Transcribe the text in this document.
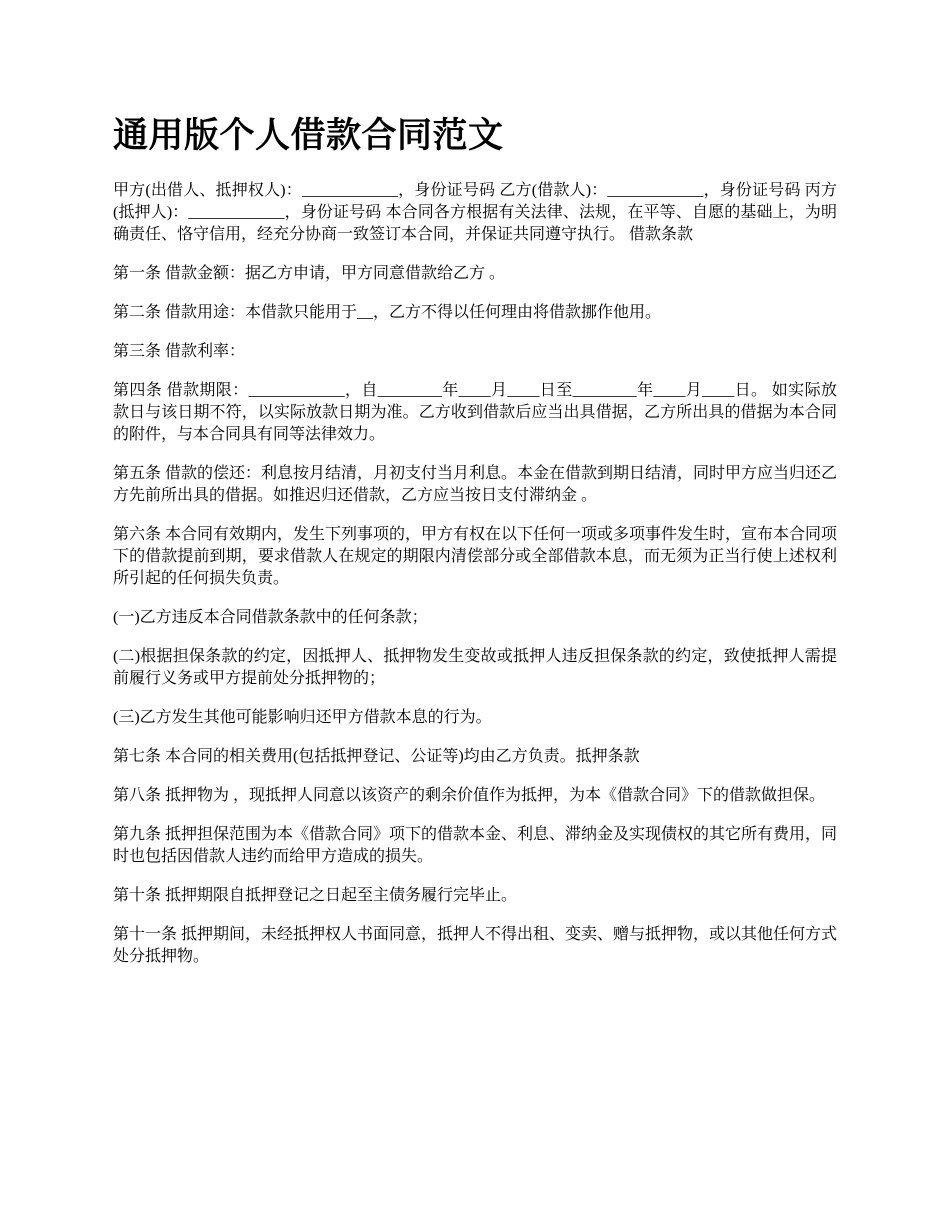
通用版个人借款合同范文

甲方(出借人、抵押权人)：____________，身份证号码 乙方(借款人)：____________，身份证号码 丙方(抵押人)：____________，身份证号码 本合同各方根据有关法律、法规，在平等、自愿的基础上，为明确责任、恪守信用，经充分协商一致签订本合同，并保证共同遵守执行。 借款条款

第一条 借款金额：据乙方申请，甲方同意借款给乙方 。

第二条 借款用途：本借款只能用于__，乙方不得以任何理由将借款挪作他用。

第三条 借款利率：

第四条 借款期限：____________，自________年____月____日至________年____月____日。 如实际放款日与该日期不符，以实际放款日期为准。乙方收到借款后应当出具借据，乙方所出具的借据为本合同的附件，与本合同具有同等法律效力。

第五条 借款的偿还：利息按月结清，月初支付当月利息。本金在借款到期日结清，同时甲方应当归还乙方先前所出具的借据。如推迟归还借款，乙方应当按日支付滞纳金 。

第六条 本合同有效期内，发生下列事项的，甲方有权在以下任何一项或多项事件发生时，宣布本合同项下的借款提前到期，要求借款人在规定的期限内清偿部分或全部借款本息，而无须为正当行使上述权利所引起的任何损失负责。

(一)乙方违反本合同借款条款中的任何条款；

(二)根据担保条款的约定，因抵押人、抵押物发生变故或抵押人违反担保条款的约定，致使抵押人需提前履行义务或甲方提前处分抵押物的；

(三)乙方发生其他可能影响归还甲方借款本息的行为。

第七条 本合同的相关费用(包括抵押登记、公证等)均由乙方负责。抵押条款

第八条 抵押物为 ，现抵押人同意以该资产的剩余价值作为抵押，为本《借款合同》下的借款做担保。

第九条 抵押担保范围为本《借款合同》项下的借款本金、利息、滞纳金及实现债权的其它所有费用，同时也包括因借款人违约而给甲方造成的损失。

第十条 抵押期限自抵押登记之日起至主债务履行完毕止。

第十一条 抵押期间，未经抵押权人书面同意，抵押人不得出租、变卖、赠与抵押物，或以其他任何方式处分抵押物。
